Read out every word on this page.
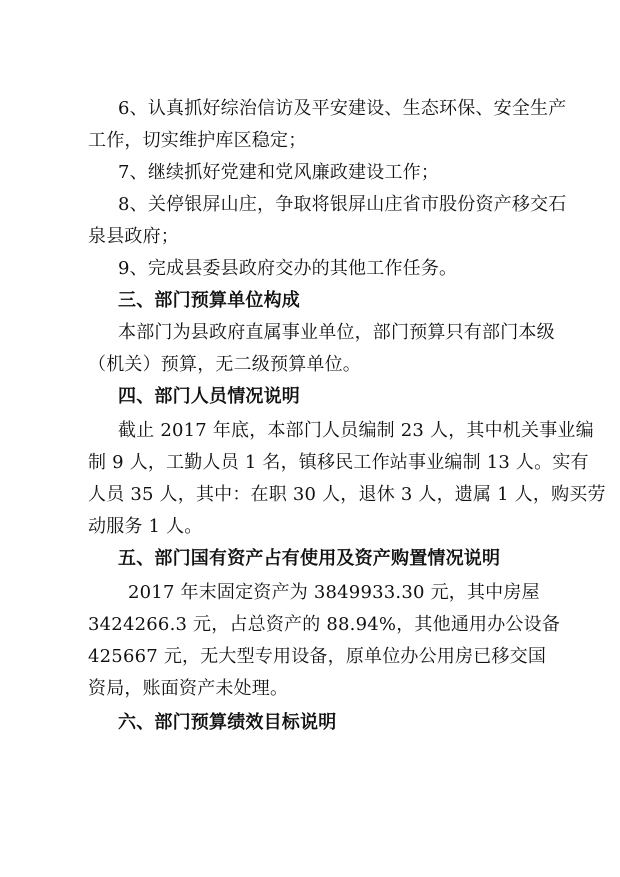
6、认真抓好综治信访及平安建设、生态环保、安全生产
工作，切实维护库区稳定；
7、继续抓好党建和党风廉政建设工作；
8、关停银屏山庄，争取将银屏山庄省市股份资产移交石
泉县政府；
9、完成县委县政府交办的其他工作任务。
三、部门预算单位构成
本部门为县政府直属事业单位，部门预算只有部门本级
（机关）预算，无二级预算单位。
四、部门人员情况说明
截止 2017 年底，本部门人员编制 23 人，其中机关事业编
制 9 人，工勤人员 1 名，镇移民工作站事业编制 13 人。实有
人员 35 人，其中：在职 30 人，退休 3 人，遗属 1 人，购买劳
动服务 1 人。
五、部门国有资产占有使用及资产购置情况说明
2017 年末固定资产为 3849933.30 元，其中房屋
3424266.3 元，占总资产的 88.94%，其他通用办公设备
425667 元，无大型专用设备，原单位办公用房已移交国
资局，账面资产未处理。
六、部门预算绩效目标说明
